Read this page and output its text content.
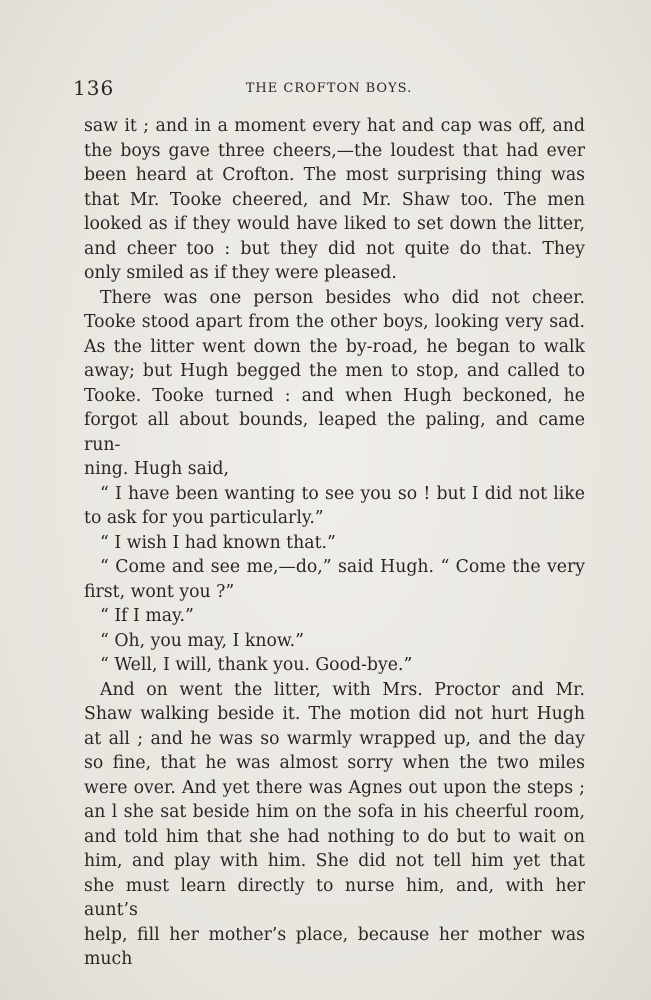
136	THE CROFTON BOYS.

saw it ; and in a moment every hat and cap was off, and

the boys gave three cheers,—the loudest that had ever

been heard at Crofton. The most surprising thing was

that Mr. Tooke cheered, and Mr. Shaw too. The men

looked as if they would have liked to set down the litter,

and cheer too : but they did not quite do that. They

only smiled as if they were pleased.

There was one person besides who did not cheer.

Tooke stood apart from the other boys, looking very sad.

As the litter went down the by-road, he began to walk

away; but Hugh begged the men to stop, and called to

Tooke. Tooke turned : and when Hugh beckoned, he

forgot all about bounds, leaped the paling, and came run-

ning. Hugh said,

“ I have been wanting to see you so ! but I did not like

to ask for you particularly.”

“ I wish I had known that.”

“ Come and see me,—do,” said Hugh. “ Come the very

first, wont you ?”

“ If I may.”

“ Oh, you may, I know.”

“ Well, I will, thank you. Good-bye.”

And on went the litter, with Mrs. Proctor and Mr.

Shaw walking beside it. The motion did not hurt Hugh

at all ; and he was so warmly wrapped up, and the day

so fine, that he was almost sorry when the two miles

were over. And yet there was Agnes out upon the steps ;

an l she sat beside him on the sofa in his cheerful room,

and told him that she had nothing to do but to wait on

him, and play with him. She did not tell him yet that

she must learn directly to nurse him, and, with her aunt’s

help, fill her mother’s place, because her mother was much
